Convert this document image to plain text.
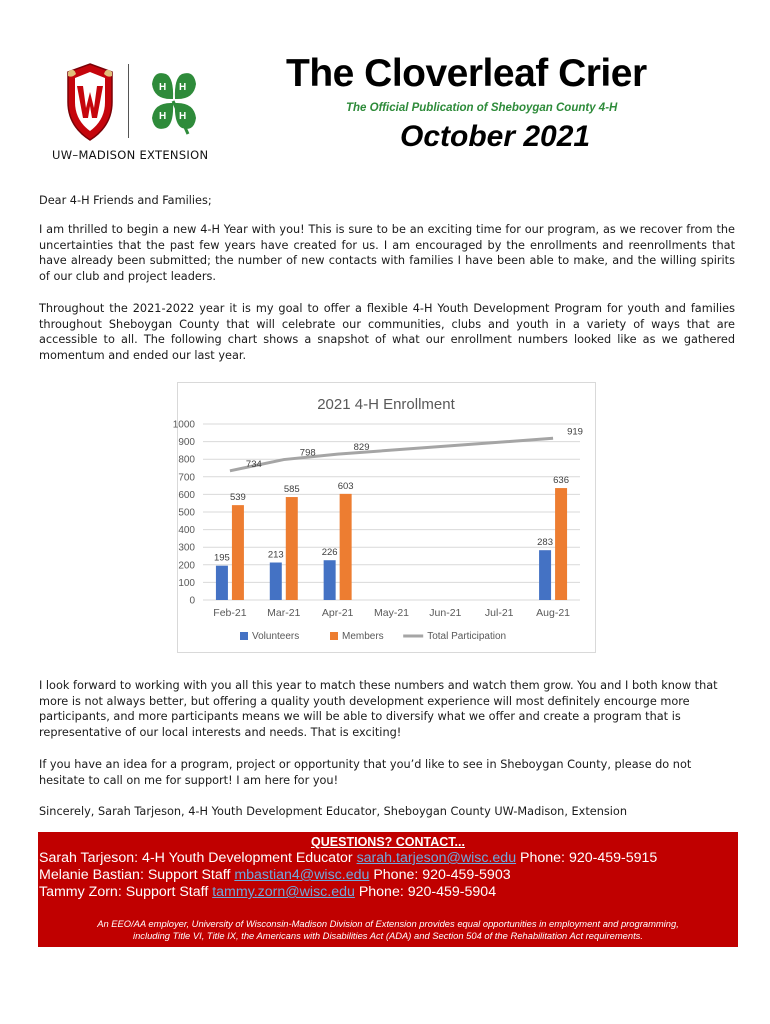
H H
H H
UW–MADISON EXTENSION
The Cloverleaf Crier
The Official Publication of Sheboygan County 4-H
October 2021

Dear 4-H Friends and Families;

I am thrilled to begin a new 4-H Year with you! This is sure to be an exciting time for our program, as we recover from the uncertainties that the past few years have created for us. I am encouraged by the enrollments and reenrollments that have already been submitted; the number of new contacts with families I have been able to make, and the willing spirits of our club and project leaders.

Throughout the 2021-2022 year it is my goal to offer a flexible 4-H Youth Development Program for youth and families throughout Sheboygan County that will celebrate our communities, clubs and youth in a variety of ways that are accessible to all. The following chart shows a snapshot of what our enrollment numbers looked like as we gathered momentum and ended our last year.

2021 4-H Enrollment
0
100
200
300
400
500
600
700
800
900
1000
Feb-21 Mar-21 Apr-21 May-21 Jun-21 Jul-21 Aug-21
195	213	226
283
539
585	603
636
734
798	829
919
Volunteers	Members	Total Participation

I look forward to working with you all this year to match these numbers and watch them grow. You and I both know that more is not always better, but offering a quality youth development experience will most definitely encourge more participants, and more participants means we will be able to diversify what we offer and create a program that is representative of our local interests and needs. That is exciting!

If you have an idea for a program, project or opportunity that you’d like to see in Sheboygan County, please do not hesitate to call on me for support! I am here for you!

Sincerely, Sarah Tarjeson, 4-H Youth Development Educator, Sheboygan County UW-Madison, Extension

QUESTIONS? CONTACT...
Sarah Tarjeson: 4-H Youth Development Educator sarah.tarjeson@wisc.edu Phone: 920-459-5915
Melanie Bastian: Support Staff mbastian4@wisc.edu Phone: 920-459-5903
Tammy Zorn: Support Staff tammy.zorn@wisc.edu Phone: 920-459-5904
An EEO/AA employer, University of Wisconsin-Madison Division of Extension provides equal opportunities in employment and programming,
including Title VI, Title IX, the Americans with Disabilities Act (ADA) and Section 504 of the Rehabilitation Act requirements.
